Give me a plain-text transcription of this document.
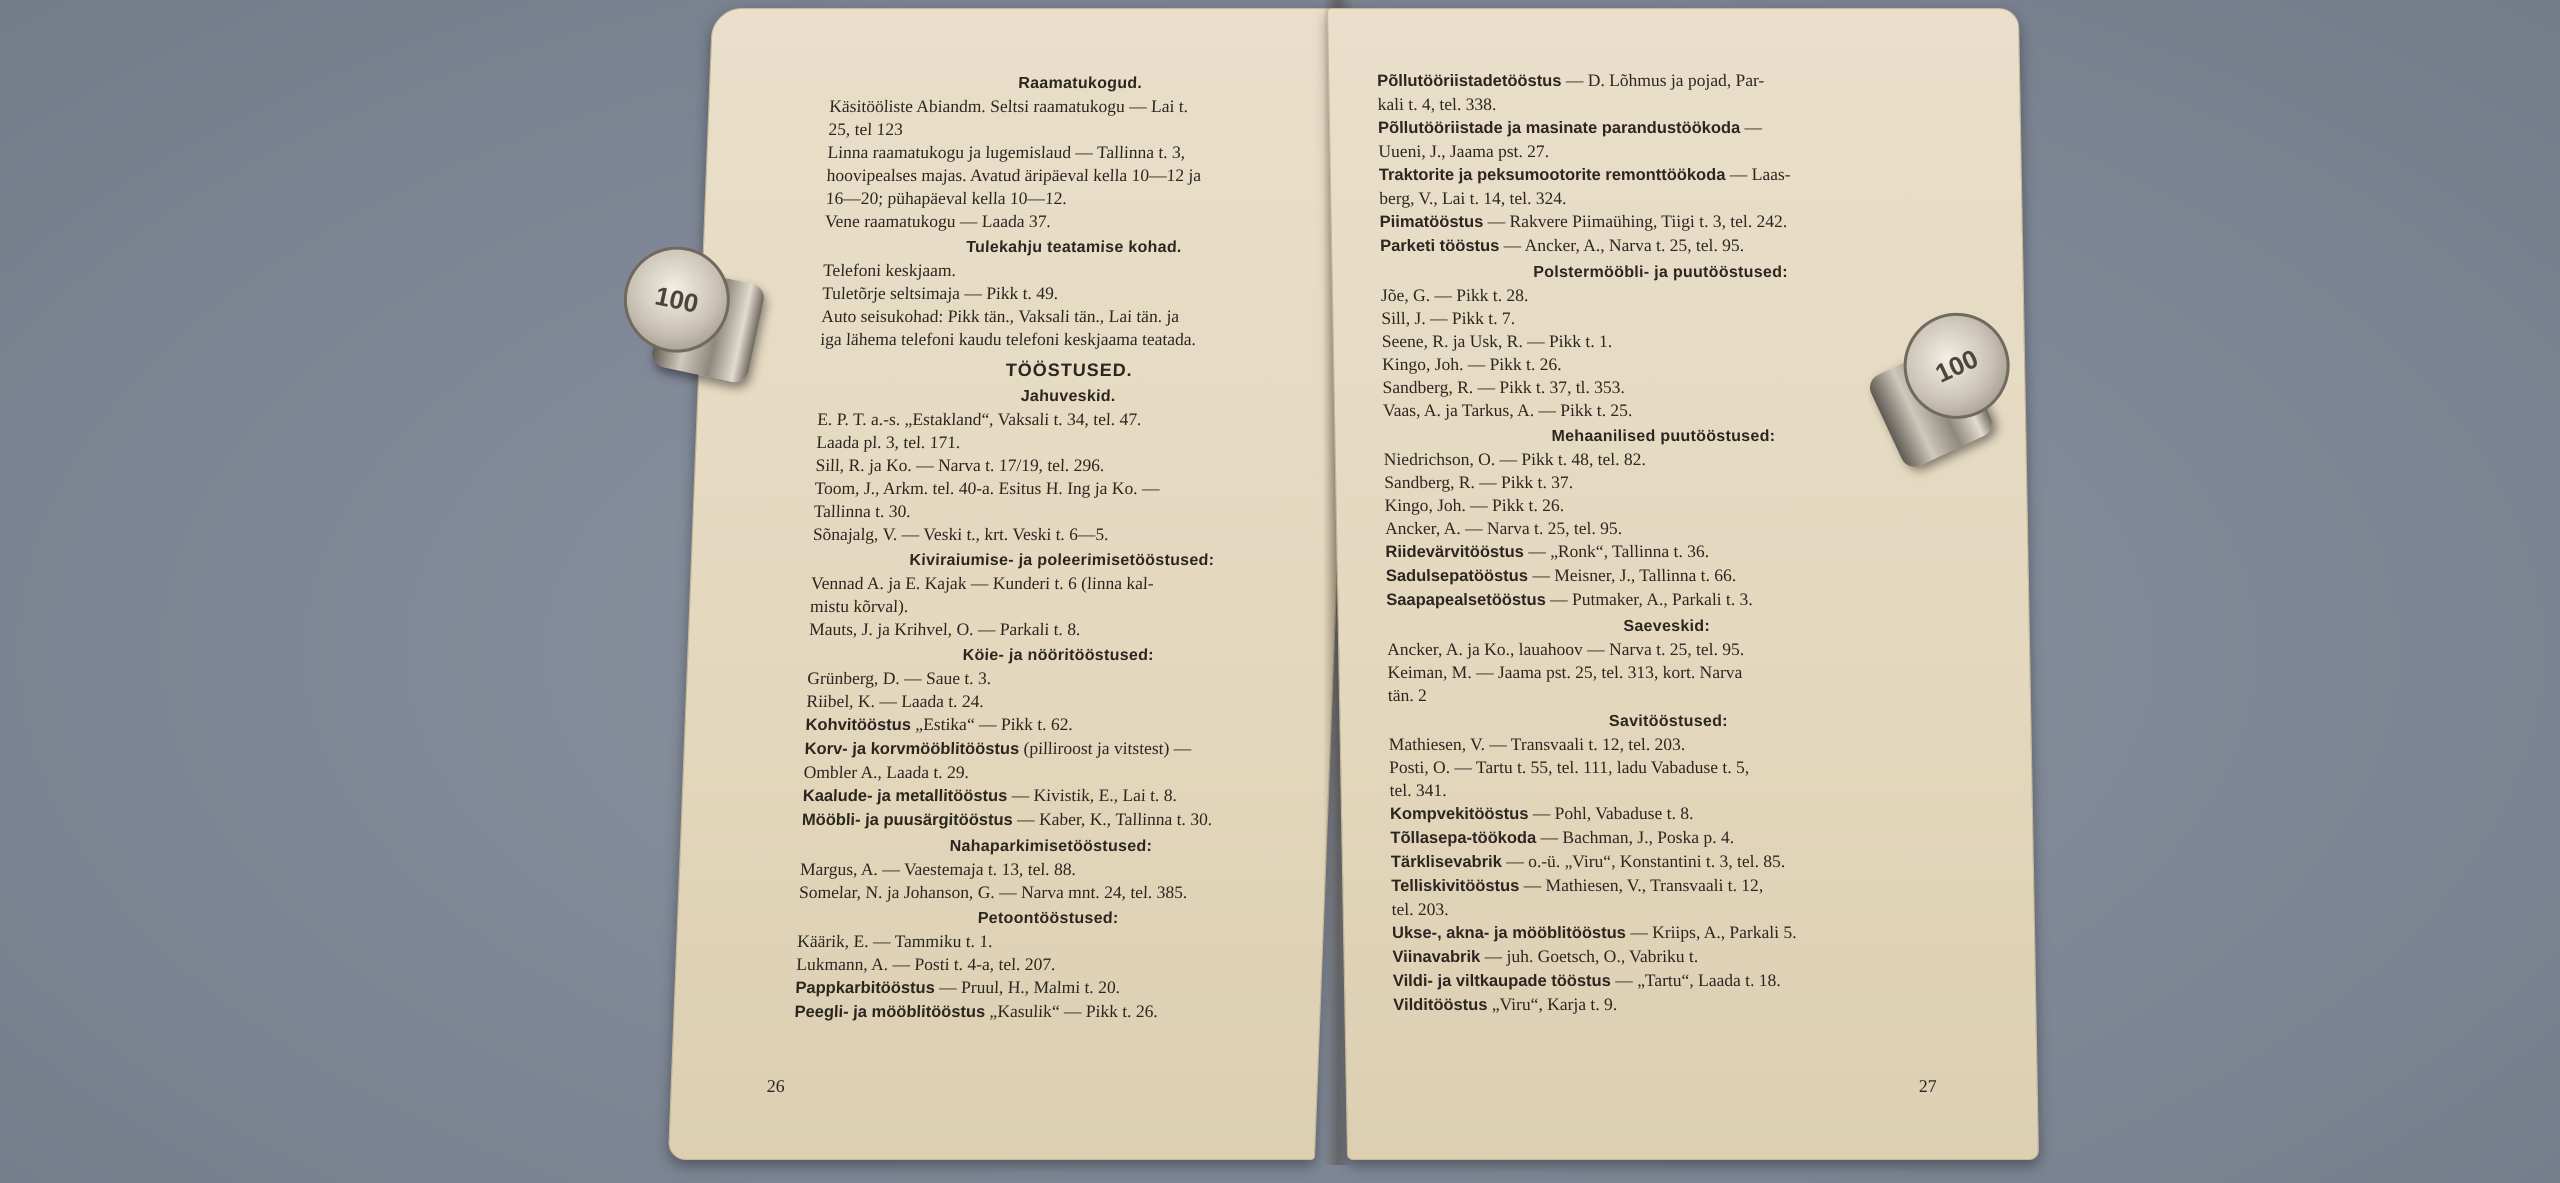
Raamatukogud.
Käsitööliste Abiandm. Seltsi raamatukogu — Lai t.
25, tel 123
Linna raamatukogu ja lugemislaud — Tallinna t. 3,
hoovipealses majas. Avatud äripäeval kella 10—12 ja
16—20; pühapäeval kella 10—12.
Vene raamatukogu — Laada 37.
Tulekahju teatamise kohad.
Telefoni keskjaam.
Tuletõrje seltsimaja — Pikk t. 49.
Auto seisukohad: Pikk tän., Vaksali tän., Lai tän. ja
iga lähema telefoni kaudu telefoni keskjaama teatada.
TÖÖSTUSED.
Jahuveskid.
E. P. T. a.-s. „Estakland“, Vaksali t. 34, tel. 47.
Laada pl. 3, tel. 171.
Sill, R. ja Ko. — Narva t. 17/19, tel. 296.
Toom, J., Arkm. tel. 40-a. Esitus H. Ing ja Ko. —
Tallinna t. 30.
Sõnajalg, V. — Veski t., krt. Veski t. 6—5.
Kiviraiumise- ja poleerimisetööstused:
Vennad A. ja E. Kajak — Kunderi t. 6 (linna kal-
mistu kõrval).
Mauts, J. ja Krihvel, O. — Parkali t. 8.
Köie- ja nööritööstused:
Grünberg, D. — Saue t. 3.
Riibel, K. — Laada t. 24.
Kohvitööstus „Estika“ — Pikk t. 62.
Korv- ja korvmööblitööstus (pilliroost ja vitstest) —
Ombler A., Laada t. 29.
Kaalude- ja metallitööstus — Kivistik, E., Lai t. 8.
Mööbli- ja puusärgitööstus — Kaber, K., Tallinna t. 30.
Nahaparkimisetööstused:
Margus, A. — Vaestemaja t. 13, tel. 88.
Somelar, N. ja Johanson, G. — Narva mnt. 24, tel. 385.
Petoontööstused:
Käärik, E. — Tammiku t. 1.
Lukmann, A. — Posti t. 4-a, tel. 207.
Pappkarbitööstus — Pruul, H., Malmi t. 20.
Peegli- ja mööblitööstus „Kasulik“ — Pikk t. 26.
26
Põllutööriistadetööstus — D. Lõhmus ja pojad, Par-
kali t. 4, tel. 338.
Põllutööriistade ja masinate parandustöökoda —
Uueni, J., Jaama pst. 27.
Traktorite ja peksumootorite remonttöökoda — Laas-
berg, V., Lai t. 14, tel. 324.
Piimatööstus — Rakvere Piimaühing, Tiigi t. 3, tel. 242.
Parketi tööstus — Ancker, A., Narva t. 25, tel. 95.
Polstermööbli- ja puutööstused:
Jõe, G. — Pikk t. 28.
Sill, J. — Pikk t. 7.
Seene, R. ja Usk, R. — Pikk t. 1.
Kingo, Joh. — Pikk t. 26.
Sandberg, R. — Pikk t. 37, tl. 353.
Vaas, A. ja Tarkus, A. — Pikk t. 25.
Mehaanilised puutööstused:
Niedrichson, O. — Pikk t. 48, tel. 82.
Sandberg, R. — Pikk t. 37.
Kingo, Joh. — Pikk t. 26.
Ancker, A. — Narva t. 25, tel. 95.
Riidevärvitööstus — „Ronk“, Tallinna t. 36.
Sadulsepatööstus — Meisner, J., Tallinna t. 66.
Saapapealsetööstus — Putmaker, A., Parkali t. 3.
Saeveskid:
Ancker, A. ja Ko., lauahoov — Narva t. 25, tel. 95.
Keiman, M. — Jaama pst. 25, tel. 313, kort. Narva
tän. 2
Savitööstused:
Mathiesen, V. — Transvaali t. 12, tel. 203.
Posti, O. — Tartu t. 55, tel. 111, ladu Vabaduse t. 5,
tel. 341.
Kompvekitööstus — Pohl, Vabaduse t. 8.
Tõllasepa-töökoda — Bachman, J., Poska p. 4.
Tärklisevabrik — o.-ü. „Viru“, Konstantini t. 3, tel. 85.
Telliskivitööstus — Mathiesen, V., Transvaali t. 12,
tel. 203.
Ukse-, akna- ja mööblitööstus — Kriips, A., Parkali 5.
Viinavabrik — juh. Goetsch, O., Vabriku t.
Vildi- ja viltkaupade tööstus — „Tartu“, Laada t. 18.
Vilditööstus „Viru“, Karja t. 9.
27
100
100
